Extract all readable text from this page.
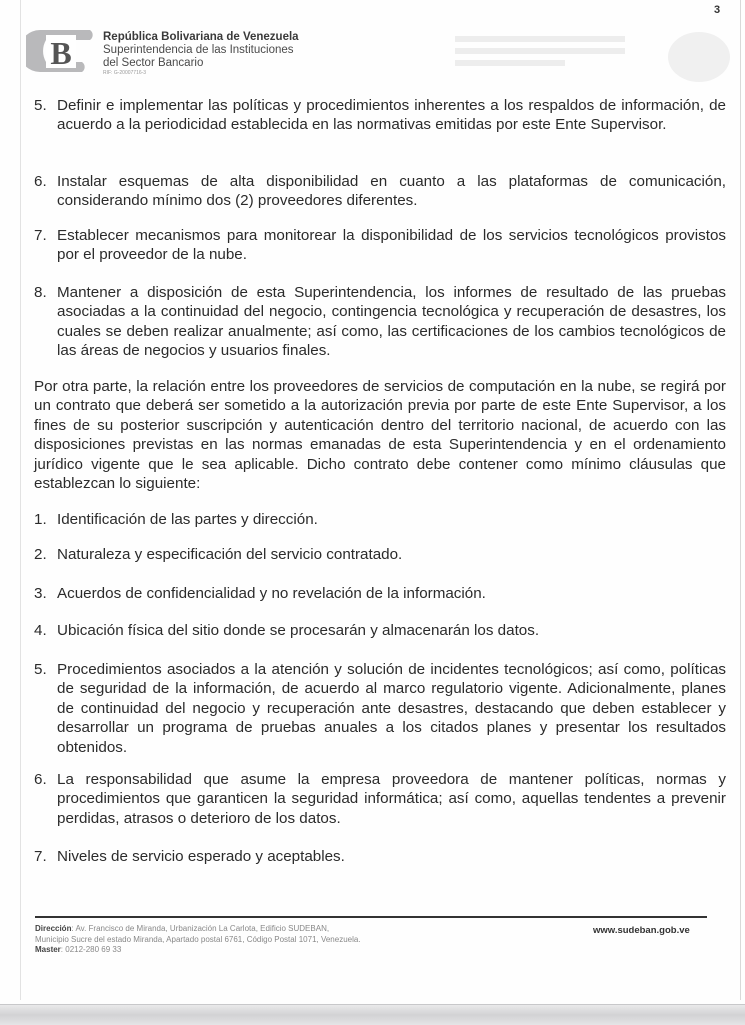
3
B	República Bolivariana de Venezuela
Superintendencia de las Instituciones
del Sector Bancario
RIF: G-20007716-3
5. Definir e implementar las políticas y procedimientos inherentes a los respaldos de información, de acuerdo a la periodicidad establecida en las normativas emitidas por este Ente Supervisor.
6. Instalar esquemas de alta disponibilidad en cuanto a las plataformas de comunicación, considerando mínimo dos (2) proveedores diferentes.
7. Establecer mecanismos para monitorear la disponibilidad de los servicios tecnológicos provistos por el proveedor de la nube.
8. Mantener a disposición de esta Superintendencia, los informes de resultado de las pruebas asociadas a la continuidad del negocio, contingencia tecnológica y recuperación de desastres, los cuales se deben realizar anualmente; así como, las certificaciones de los cambios tecnológicos de las áreas de negocios y usuarios finales.
Por otra parte, la relación entre los proveedores de servicios de computación en la nube, se regirá por un contrato que deberá ser sometido a la autorización previa por parte de este Ente Supervisor, a los fines de su posterior suscripción y autenticación dentro del territorio nacional, de acuerdo con las disposiciones previstas en las normas emanadas de esta Superintendencia y en el ordenamiento jurídico vigente que le sea aplicable. Dicho contrato debe contener como mínimo cláusulas que establezcan lo siguiente:
1. Identificación de las partes y dirección.
2. Naturaleza y especificación del servicio contratado.
3. Acuerdos de confidencialidad y no revelación de la información.
4. Ubicación física del sitio donde se procesarán y almacenarán los datos.
5. Procedimientos asociados a la atención y solución de incidentes tecnológicos; así como, políticas de seguridad de la información, de acuerdo al marco regulatorio vigente. Adicionalmente, planes de continuidad del negocio y recuperación ante desastres, destacando que deben establecer y desarrollar un programa de pruebas anuales a los citados planes y presentar los resultados obtenidos.
6. La responsabilidad que asume la empresa proveedora de mantener políticas, normas y procedimientos que garanticen la seguridad informática; así como, aquellas tendentes a prevenir perdidas, atrasos o deterioro de los datos.
7. Niveles de servicio esperado y aceptables.
Dirección: Av. Francisco de Miranda, Urbanización La Carlota, Edificio SUDEBAN,
Municipio Sucre del estado Miranda, Apartado postal 6761, Código Postal 1071, Venezuela.
Master: 0212-280 69 33
www.sudeban.gob.ve
